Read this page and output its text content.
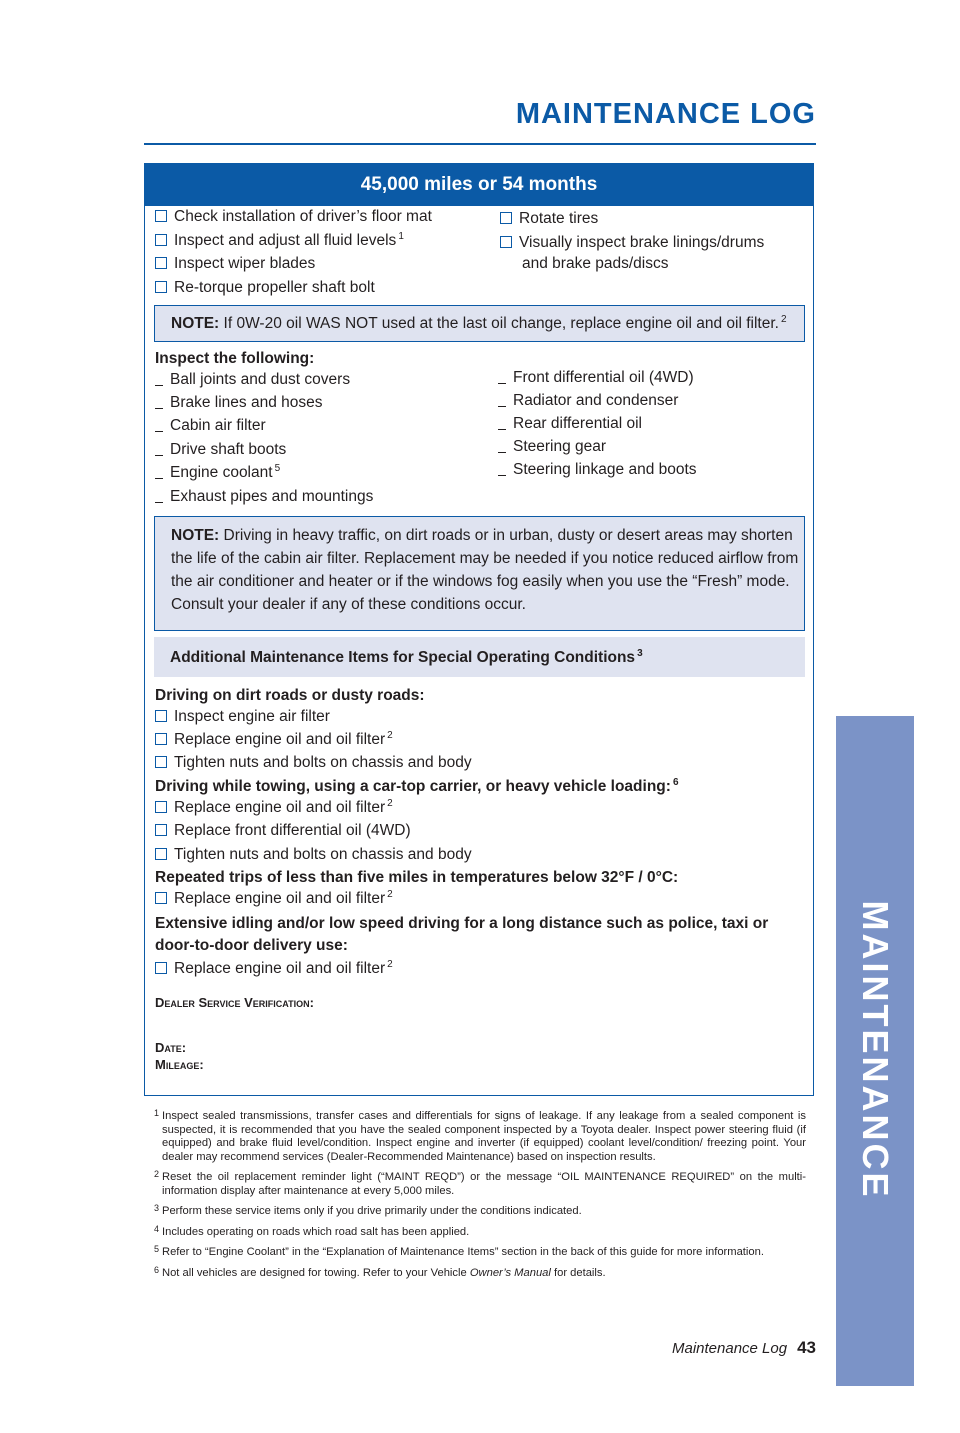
MAINTENANCE LOG
45,000 miles or 54 months
Check installation of driver’s floor mat
Inspect and adjust all fluid levels $^1$
Inspect wiper blades
Re-torque propeller shaft bolt
Rotate tires
Visually inspect brake linings/drums
and brake pads/discs
NOTE: If 0W-20 oil WAS NOT used at the last oil change, replace engine oil and oil filter. $^2$
Inspect the following:
Ball joints and dust covers
Brake lines and hoses
Cabin air filter
Drive shaft boots
Engine coolant $^5$
Exhaust pipes and mountings
Front differential oil (4WD)
Radiator and condenser
Rear differential oil
Steering gear
Steering linkage and boots
NOTE: Driving in heavy traffic, on dirt roads or in urban, dusty or desert areas may shorten
the life of the cabin air filter. Replacement may be needed if you notice reduced airflow from
the air conditioner and heater or if the windows fog easily when you use the “Fresh” mode.
Consult your dealer if any of these conditions occur.
Additional Maintenance Items for Special Operating Conditions $^3$
Driving on dirt roads or dusty roads:
Inspect engine air filter
Replace engine oil and oil filter $^2$
Tighten nuts and bolts on chassis and body
Driving while towing, using a car-top carrier, or heavy vehicle loading: $^6$
Replace engine oil and oil filter $^2$
Replace front differential oil (4WD)
Tighten nuts and bolts on chassis and body
Repeated trips of less than five miles in temperatures below 32°F / 0°C:
Replace engine oil and oil filter $^2$
Extensive idling and/or low speed driving for a long distance such as police, taxi or
door-to-door delivery use:
Replace engine oil and oil filter $^2$
Dealer Service Verification:
Date:
Mileage:
1 Inspect sealed transmissions, transfer cases and differentials for signs of leakage. If any leakage from a sealed component is suspected, it is recommended that you have the sealed component inspected by a Toyota dealer. Inspect power steering fluid (if equipped) and brake fluid level/condition. Inspect engine and inverter (if equipped) coolant level/condition/ freezing point. Your dealer may recommend services (Dealer-Recommended Maintenance) based on inspection results.
2 Reset the oil replacement reminder light (“MAINT REQD”) or the message “OIL MAINTENANCE REQUIRED” on the multi-information display after maintenance at every 5,000 miles.
3 Perform these service items only if you drive primarily under the conditions indicated.
4 Includes operating on roads which road salt has been applied.
5 Refer to “Engine Coolant” in the “Explanation of Maintenance Items” section in the back of this guide for more information.
6 Not all vehicles are designed for towing. Refer to your Vehicle Owner’s Manual for details.
Maintenance Log 43
MAINTENANCE
